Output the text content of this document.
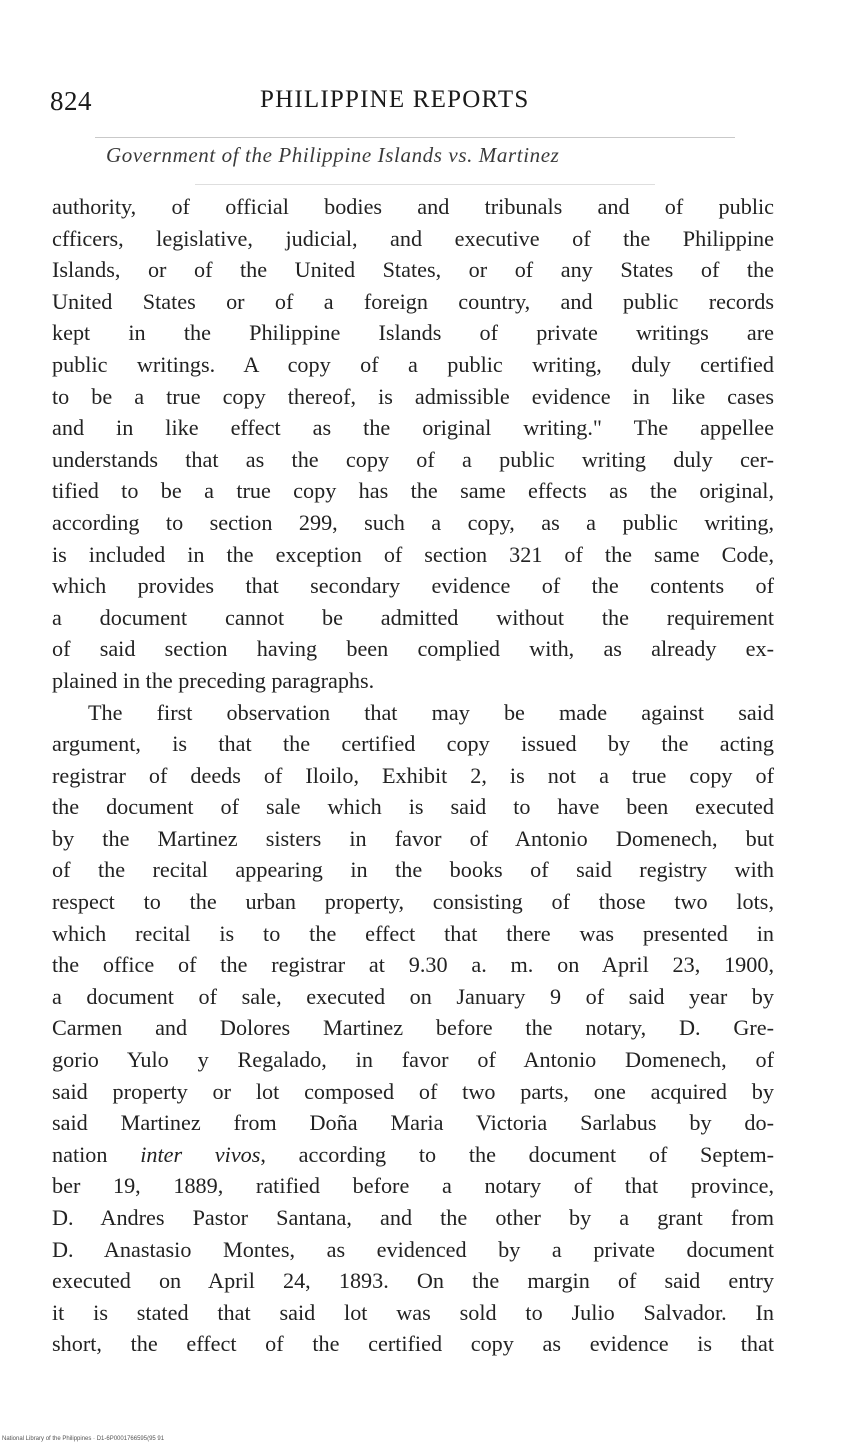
824	PHILIPPINE REPORTS
Government of the Philippine Islands vs. Martinez
authority, of official bodies and tribunals and of public
cfficers, legislative, judicial, and executive of the Philippine
Islands, or of the United States, or of any States of the
United States or of a foreign country, and public records
kept in the Philippine Islands of private writings are
public writings. A copy of a public writing, duly certified
to be a true copy thereof, is admissible evidence in like cases
and in like effect as the original writing." The appellee
understands that as the copy of a public writing duly cer-
tified to be a true copy has the same effects as the original,
according to section 299, such a copy, as a public writing,
is included in the exception of section 321 of the same Code,
which provides that secondary evidence of the contents of
a document cannot be admitted without the requirement
of said section having been complied with, as already ex-
plained in the preceding paragraphs.
The first observation that may be made against said
argument, is that the certified copy issued by the acting
registrar of deeds of Iloilo, Exhibit 2, is not a true copy of
the document of sale which is said to have been executed
by the Martinez sisters in favor of Antonio Domenech, but
of the recital appearing in the books of said registry with
respect to the urban property, consisting of those two lots,
which recital is to the effect that there was presented in
the office of the registrar at 9.30 a. m. on April 23, 1900,
a document of sale, executed on January 9 of said year by
Carmen and Dolores Martinez before the notary, D. Gre-
gorio Yulo y Regalado, in favor of Antonio Domenech, of
said property or lot composed of two parts, one acquired by
said Martinez from Doña Maria Victoria Sarlabus by do-
nation inter vivos, according to the document of Septem-
ber 19, 1889, ratified before a notary of that province,
D. Andres Pastor Santana, and the other by a grant from
D. Anastasio Montes, as evidenced by a private document
executed on April 24, 1893. On the margin of said entry
it is stated that said lot was sold to Julio Salvador. In
short, the effect of the certified copy as evidence is that
National Library of the Philippines · D1-6P0001766595(95 91
